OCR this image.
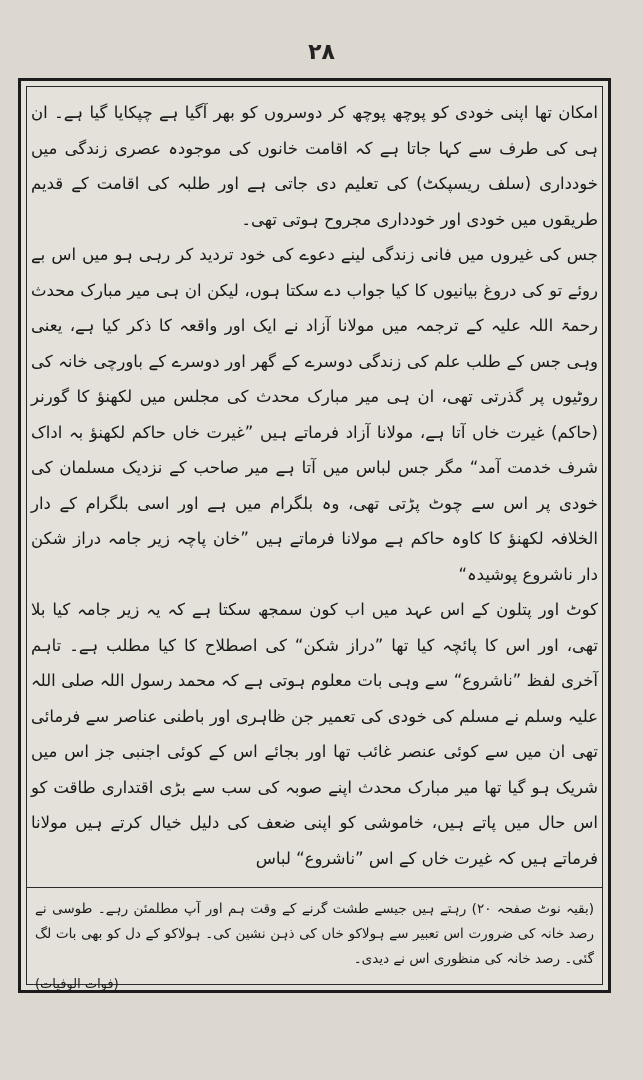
۲۸

امکان تھا اپنی خودی کو پوچھ پوچھ کر دوسروں کو بھر آگیا ہے چپکایا گیا ہے۔ ان ہی کی طرف سے کہا جاتا ہے کہ اقامت خانوں کی موجودہ عصری زندگی میں خودداری (سلف ریسپکٹ) کی تعلیم دی جاتی ہے اور طلبہ کی اقامت کے قدیم طریقوں میں خودی اور خودداری مجروح ہوتی تھی۔

جس کی غیروں میں فانی زندگی لینے دعوے کی خود تردید کر رہی ہو میں اس بے روئے تو کی دروغ بیانیوں کا کیا جواب دے سکتا ہوں، لیکن ان ہی میر مبارک محدث رحمۃ اللہ علیہ کے ترجمہ میں مولانا آزاد نے ایک اور واقعہ کا ذکر کیا ہے، یعنی وہی جس کے طلب علم کی زندگی دوسرے کے گھر اور دوسرے کے باورچی خانہ کی روٹیوں پر گذرتی تھی، ان ہی میر مبارک محدث کی مجلس میں لکھنؤ کا گورنر (حاکم) غیرت خاں آتا ہے، مولانا آزاد فرماتے ہیں ”غیرت خاں حاکم لکھنؤ بہ اداک شرف خدمت آمد“ مگر جس لباس میں آتا ہے میر صاحب کے نزدیک مسلمان کی خودی پر اس سے چوٹ پڑتی تھی، وہ بلگرام میں ہے اور اسی بلگرام کے دار الخلافہ لکھنؤ کا کاوہ حاکم ہے مولانا فرماتے ہیں ”خان پاچہ زیر جامہ دراز شکن دار ناشروع پوشیدہ“

کوٹ اور پتلون کے اس عہد میں اب کون سمجھ سکتا ہے کہ یہ زیر جامہ کیا بلا تھی، اور اس کا پائچہ کیا تھا ”دراز شکن“ کی اصطلاح کا کیا مطلب ہے۔ تاہم آخری لفظ ”ناشروع“ سے وہی بات معلوم ہوتی ہے کہ محمد رسول اللہ صلی اللہ علیہ وسلم نے مسلم کی خودی کی تعمیر جن ظاہری اور باطنی عناصر سے فرمائی تھی ان میں سے کوئی عنصر غائب تھا اور بجائے اس کے کوئی اجنبی جز اس میں شریک ہو گیا تھا میر مبارک محدث اپنے صوبہ کی سب سے بڑی اقتداری طاقت کو اس حال میں پاتے ہیں، خاموشی کو اپنی ضعف کی دلیل خیال کرتے ہیں مولانا فرماتے ہیں کہ غیرت خاں کے اس ”ناشروع“ لباس

(بقیہ نوٹ صفحہ ۲۰) رہتے ہیں جیسے طشت گرنے کے وقت ہم اور آپ مطلمئن رہے۔ طوسی نے رصد خانہ کی ضرورت اس تعبیر سے ہولاکو خاں کی ذہن نشین کی۔ ہولاکو کے دل کو بھی بات لگ گئی۔ رصد خانہ کی منظوری اس نے دیدی۔
(فوات الوفیات)
